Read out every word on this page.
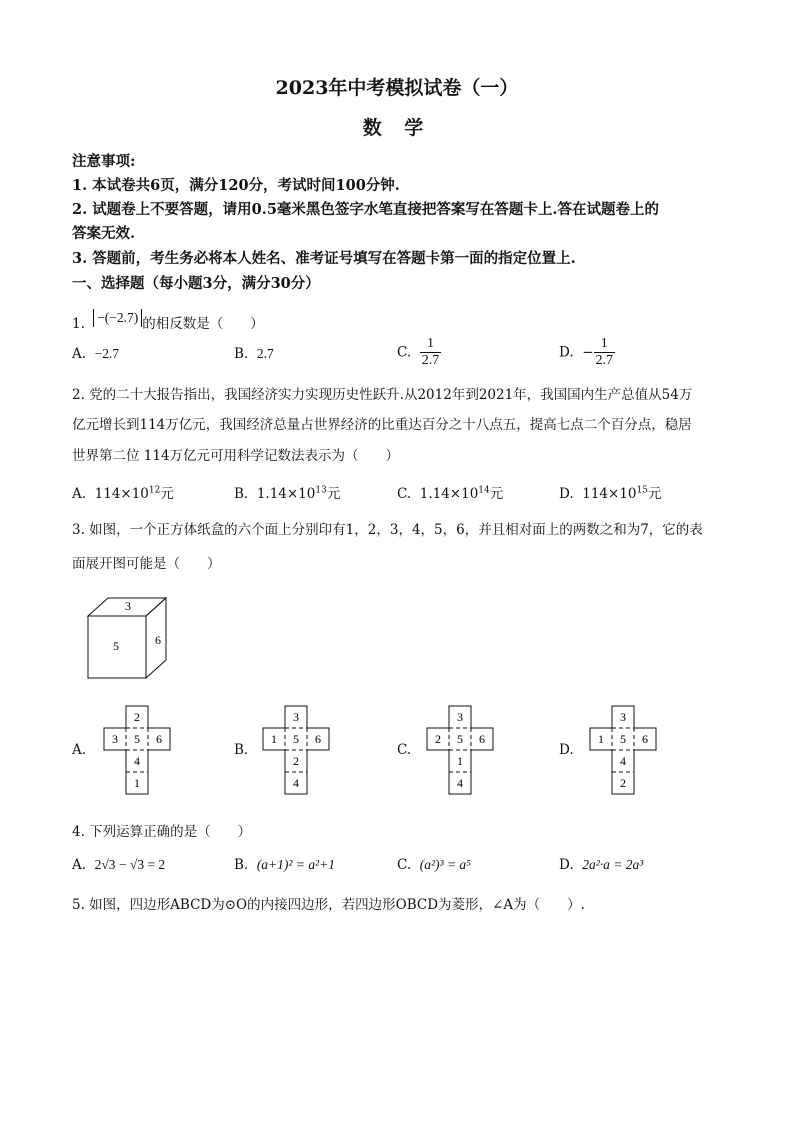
2023年中考模拟试卷（一）
数 学
注意事项:
1. 本试卷共6页，满分120分，考试时间100分钟.
2. 试题卷上不要答题，请用0.5毫米黑色签字水笔直接把答案写在答题卡上.答在试题卷上的
答案无效.
3. 答题前，考生务必将本人姓名、准考证号填写在答题卡第一面的指定位置上.
一、选择题（每小题3分，满分30分）
1. −(−2.7) 的相反数是（　　）
A. −2.7	B. 2.7	C. $\frac{1}{2.7}$	D. − $\frac{1}{2.7}$
2. 党的二十大报告指出，我国经济实力实现历史性跃升.从2012年到2021年，我国国内生产总值从54万
亿元增长到114万亿元，我国经济总量占世界经济的比重达百分之十八点五，提高七点二个百分点，稳居
世界第二位 114万亿元可用科学记数法表示为（　　）
A. $114\times 10^{12}$元	B. $1.14\times 10^{13}$元	C. $1.14\times 10^{14}$元	D. $114\times 10^{15}$元
3. 如图，一个正方体纸盒的六个面上分别印有1，2，3，4，5，6，并且相对面上的两数之和为7，它的表
面展开图可能是（　　）
3
5	6
A.	B.	C.	D.
2
3 5 6
4
1
3
1 5 6
2
4
3
2 5 6
1
4
3
1 5 6
4
2
4. 下列运算正确的是（　　）
A. 2√3 − √3 = 2	B. (a+1)² = a²+1	C. (a²)³ = a⁵	D. 2a²·a = 2a³
5. 如图，四边形ABCD为⊙O的内接四边形，若四边形OBCD为菱形，∠A为（　　）.
